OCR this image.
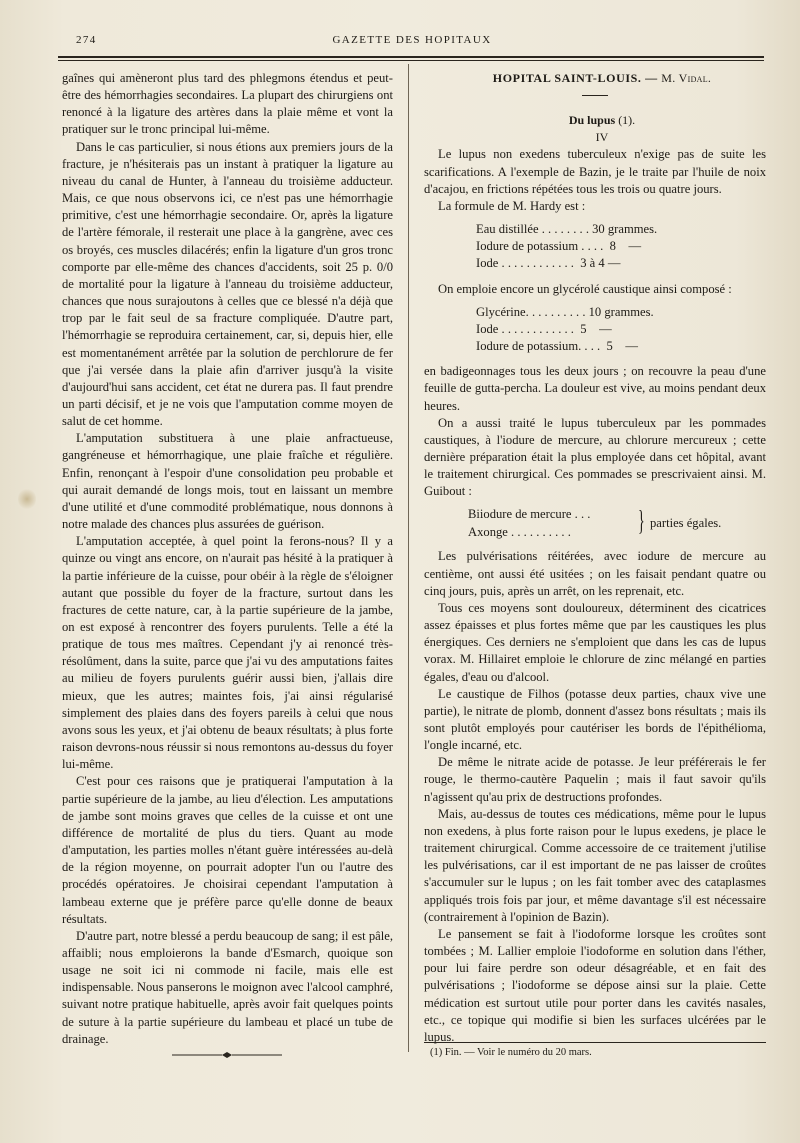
274	GAZETTE DES HOPITAUX

gaînes qui amèneront plus tard des phlegmons étendus et peut-être des hémorrhagies secondaires. La plupart des chirurgiens ont renoncé à la ligature des artères dans la plaie même et vont la pratiquer sur le tronc principal lui-même.

Dans le cas particulier, si nous étions aux premiers jours de la fracture, je n'hésiterais pas un instant à pratiquer la ligature au niveau du canal de Hunter, à l'anneau du troisième adducteur. Mais, ce que nous observons ici, ce n'est pas une hémorrhagie primitive, c'est une hémorrhagie secondaire. Or, après la ligature de l'artère fémorale, il resterait une place à la gangrène, avec ces os broyés, ces muscles dilacérés; enfin la ligature d'un gros tronc comporte par elle-même des chances d'accidents, soit 25 p. 0/0 de mortalité pour la ligature à l'anneau du troisième adducteur, chances que nous surajoutons à celles que ce blessé n'a déjà que trop par le fait seul de sa fracture compliquée. D'autre part, l'hémorrhagie se reproduira certainement, car, si, depuis hier, elle est momentanément arrêtée par la solution de perchlorure de fer que j'ai versée dans la plaie afin d'arriver jusqu'à la visite d'aujourd'hui sans accident, cet état ne durera pas. Il faut prendre un parti décisif, et je ne vois que l'amputation comme moyen de salut de cet homme.

L'amputation substituera à une plaie anfractueuse, gangréneuse et hémorrhagique, une plaie fraîche et régulière. Enfin, renonçant à l'espoir d'une consolidation peu probable et qui aurait demandé de longs mois, tout en laissant un membre d'une utilité et d'une commodité problématique, nous donnons à notre malade des chances plus assurées de guérison.

L'amputation acceptée, à quel point la ferons-nous? Il y a quinze ou vingt ans encore, on n'aurait pas hésité à la pratiquer à la partie inférieure de la cuisse, pour obéir à la règle de s'éloigner autant que possible du foyer de la fracture, surtout dans les fractures de cette nature, car, à la partie supérieure de la jambe, on est exposé à rencontrer des foyers purulents. Telle a été la pratique de tous mes maîtres. Cependant j'y ai renoncé très-résolûment, dans la suite, parce que j'ai vu des amputations faites au milieu de foyers purulents guérir aussi bien, j'allais dire mieux, que les autres; maintes fois, j'ai ainsi régularisé simplement des plaies dans des foyers pareils à celui que nous avons sous les yeux, et j'ai obtenu de beaux résultats; à plus forte raison devrons-nous réussir si nous remontons au-dessus du foyer lui-même.

C'est pour ces raisons que je pratiquerai l'amputation à la partie supérieure de la jambe, au lieu d'élection. Les amputations de jambe sont moins graves que celles de la cuisse et ont une différence de mortalité de plus du tiers. Quant au mode d'amputation, les parties molles n'étant guère intéressées au-delà de la région moyenne, on pourrait adopter l'un ou l'autre des procédés opératoires. Je choisirai cependant l'amputation à lambeau externe que je préfère parce qu'elle donne de beaux résultats.

D'autre part, notre blessé a perdu beaucoup de sang; il est pâle, affaibli; nous emploierons la bande d'Esmarch, quoique son usage ne soit ici ni commode ni facile, mais elle est indispensable. Nous panserons le moignon avec l'alcool camphré, suivant notre pratique habituelle, après avoir fait quelques points de suture à la partie supérieure du lambeau et placé un tube de drainage.

HOPITAL SAINT-LOUIS. — M. Vidal.

Du lupus (1).

IV

Le lupus non exedens tuberculeux n'exige pas de suite les scarifications. A l'exemple de Bazin, je le traite par l'huile de noix d'acajou, en frictions répétées tous les trois ou quatre jours.

La formule de M. Hardy est :

Eau distillée . . . . . . . . 30 grammes.
Iodure de potassium . . . .  8    —
Iode . . . . . . . . . . . .  3 à 4 —

On emploie encore un glycérolé caustique ainsi composé :

Glycérine. . . . . . . . . . 10 grammes.
Iode . . . . . . . . . . . .  5    —
Iodure de potassium. . . .  5    —

en badigeonnages tous les deux jours ; on recouvre la peau d'une feuille de gutta-percha. La douleur est vive, au moins pendant deux heures.

On a aussi traité le lupus tuberculeux par les pommades caustiques, à l'iodure de mercure, au chlorure mercureux ; cette dernière préparation était la plus employée dans cet hôpital, avant le traitement chirurgical. Ces pommades se prescrivaient ainsi. M. Guibout :

Biiodure de mercure . . .
Axonge . . . . . . . . . .	} parties égales.

Les pulvérisations réitérées, avec iodure de mercure au centième, ont aussi été usitées ; on les faisait pendant quatre ou cinq jours, puis, après un arrêt, on les reprenait, etc.

Tous ces moyens sont douloureux, déterminent des cicatrices assez épaisses et plus fortes même que par les caustiques les plus énergiques. Ces derniers ne s'emploient que dans les cas de lupus vorax. M. Hillairet emploie le chlorure de zinc mélangé en parties égales, d'eau ou d'alcool.

Le caustique de Filhos (potasse deux parties, chaux vive une partie), le nitrate de plomb, donnent d'assez bons résultats ; mais ils sont plutôt employés pour cautériser les bords de l'épithélioma, l'ongle incarné, etc.

De même le nitrate acide de potasse. Je leur préférerais le fer rouge, le thermo-cautère Paquelin ; mais il faut savoir qu'ils n'agissent qu'au prix de destructions profondes.

Mais, au-dessus de toutes ces médications, même pour le lupus non exedens, à plus forte raison pour le lupus exedens, je place le traitement chirurgical. Comme accessoire de ce traitement j'utilise les pulvérisations, car il est important de ne pas laisser de croûtes s'accumuler sur le lupus ; on les fait tomber avec des cataplasmes appliqués trois fois par jour, et même davantage s'il est nécessaire (contrairement à l'opinion de Bazin).

Le pansement se fait à l'iodoforme lorsque les croûtes sont tombées ; M. Lallier emploie l'iodoforme en solution dans l'éther, pour lui faire perdre son odeur désagréable, et en fait des pulvérisations ; l'iodoforme se dépose ainsi sur la plaie. Cette médication est surtout utile pour porter dans les cavités nasales, etc., ce topique qui modifie si bien les surfaces ulcérées par le lupus.

(1) Fin. — Voir le numéro du 20 mars.
